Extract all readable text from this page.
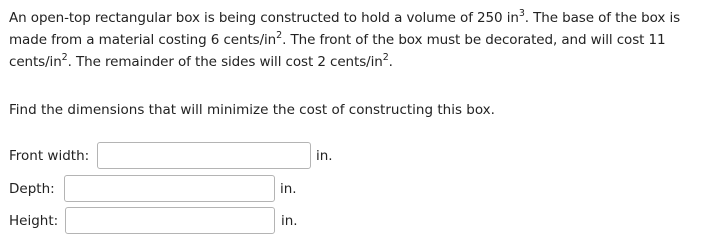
An open-top rectangular box is being constructed to hold a volume of 250 $in^3$. The base of the box is made from a material costing 6 cents/$in^2$. The front of the box must be decorated, and will cost 11 cents/$in^2$. The remainder of the sides will cost 2 cents/$in^2$.
Find the dimensions that will minimize the cost of constructing this box.
Front width:	in.
Depth:	in.
Height:	in.
